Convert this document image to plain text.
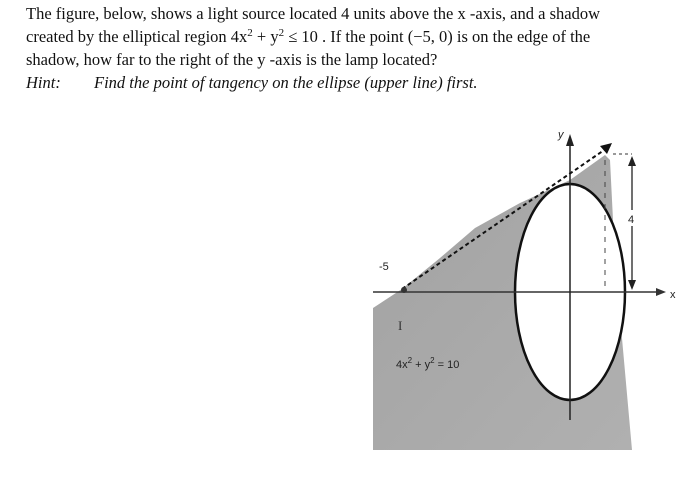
The figure, below, shows a light source located 4 units above the x -axis, and a shadow
created by the elliptical region $4x^2 + y^2 \le 10$ . If the point (−5, 0) is on the edge of the
shadow, how far to the right of the y -axis is the lamp located?
Hint: Find the point of tangency on the ellipse (upper line) first.
y
x
4
-5
I
$4x^2 + y^2 = 10$
